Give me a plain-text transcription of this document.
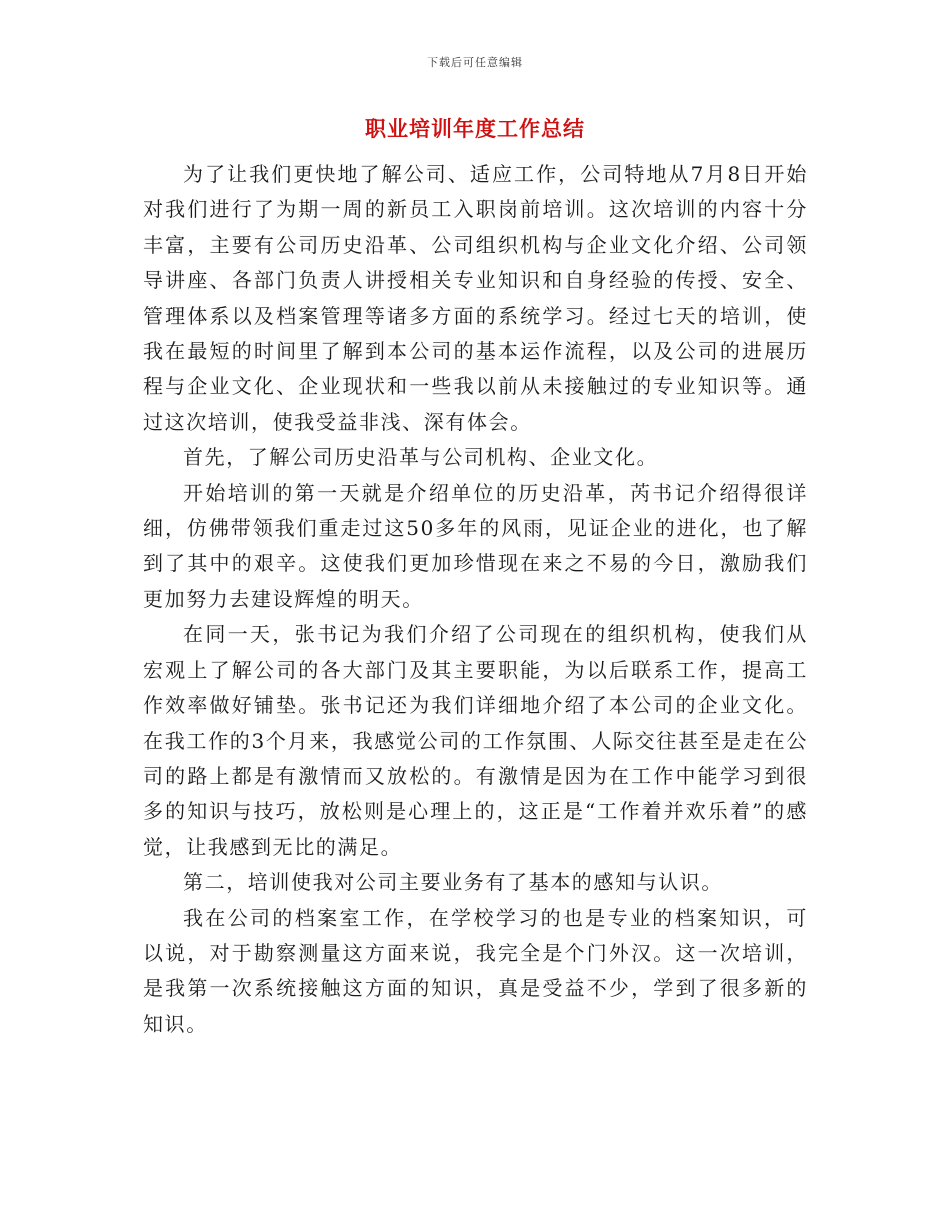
下载后可任意编辑
职业培训年度工作总结

为了让我们更快地了解公司、适应工作，公司特地从7月8日开始对我们进行了为期一周的新员工入职岗前培训。这次培训的内容十分丰富，主要有公司历史沿革、公司组织机构与企业文化介绍、公司领导讲座、各部门负责人讲授相关专业知识和自身经验的传授、安全、管理体系以及档案管理等诸多方面的系统学习。经过七天的培训，使我在最短的时间里了解到本公司的基本运作流程，以及公司的进展历程与企业文化、企业现状和一些我以前从未接触过的专业知识等。通过这次培训，使我受益非浅、深有体会。

首先，了解公司历史沿革与公司机构、企业文化。

开始培训的第一天就是介绍单位的历史沿革，芮书记介绍得很详细，仿佛带领我们重走过这50多年的风雨，见证企业的进化，也了解到了其中的艰辛。这使我们更加珍惜现在来之不易的今日，激励我们更加努力去建设辉煌的明天。

在同一天，张书记为我们介绍了公司现在的组织机构，使我们从宏观上了解公司的各大部门及其主要职能，为以后联系工作，提高工作效率做好铺垫。张书记还为我们详细地介绍了本公司的企业文化。在我工作的3个月来，我感觉公司的工作氛围、人际交往甚至是走在公司的路上都是有激情而又放松的。有激情是因为在工作中能学习到很多的知识与技巧，放松则是心理上的，这正是“工作着并欢乐着”的感觉，让我感到无比的满足。

第二，培训使我对公司主要业务有了基本的感知与认识。

我在公司的档案室工作，在学校学习的也是专业的档案知识，可以说，对于勘察测量这方面来说，我完全是个门外汉。这一次培训，是我第一次系统接触这方面的知识，真是受益不少，学到了很多新的知识。
